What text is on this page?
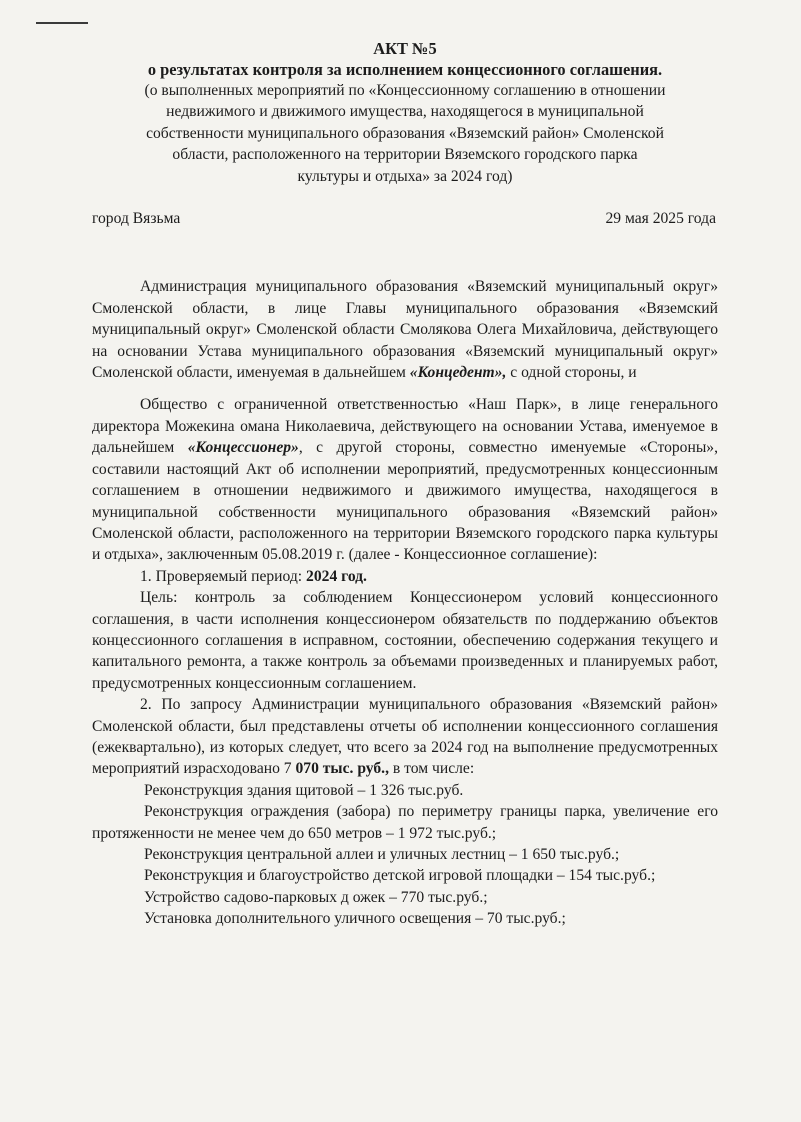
АКТ №5
о результатах контроля за исполнением концессионного соглашения.
(о выполненных мероприятий по «Концессионному соглашению в отношении
недвижимого и движимого имущества, находящегося в муниципальной
собственности муниципального образования «Вяземский район» Смоленской
области, расположенного на территории Вяземского городского парка
культуры и отдыха» за 2024 год)
город Вязьма	29 мая 2025 года
Администрация муниципального образования «Вяземский муниципальный округ» Смоленской области, в лице Главы муниципального образования «Вяземский муниципальный округ» Смоленской области Смолякова Олега Михайловича, действующего на основании Устава муниципального образования «Вяземский муниципальный округ» Смоленской области, именуемая в дальнейшем «Концедент», с одной стороны, и
Общество с ограниченной ответственностью «Наш Парк», в лице генерального директора Можекина омана Николаевича, действующего на основании Устава, именуемое в дальнейшем «Концессионер», с другой стороны, совместно именуемые «Стороны», составили настоящий Акт об исполнении мероприятий, предусмотренных концессионным соглашением в отношении недвижимого и движимого имущества, находящегося в муниципальной собственности муниципального образования «Вяземский район» Смоленской области, расположенного на территории Вяземского городского парка культуры и отдыха», заключенным 05.08.2019 г. (далее - Концессионное соглашение):
1. Проверяемый период: 2024 год.
Цель: контроль за соблюдением Концессионером условий концессионного соглашения, в части исполнения концессионером обязательств по поддержанию объектов концессионного соглашения в исправном, состоянии, обеспечению содержания текущего и капитального ремонта, а также контроль за объемами произведенных и планируемых работ, предусмотренных концессионным соглашением.
2. По запросу Администрации муниципального образования «Вяземский район» Смоленской области, был представлены отчеты об исполнении концессионного соглашения (ежеквартально), из которых следует, что всего за 2024 год на выполнение предусмотренных мероприятий израсходовано 7 070 тыс. руб., в том числе:
Реконструкция здания щитовой – 1 326 тыс.руб.
Реконструкция ограждения (забора) по периметру границы парка, увеличение его протяженности не менее чем до 650 метров – 1 972 тыс.руб.;
Реконструкция центральной аллеи и уличных лестниц – 1 650 тыс.руб.;
Реконструкция и благоустройство детской игровой площадки – 154 тыс.руб.;
Устройство садово-парковых д ожек – 770 тыс.руб.;
Установка дополнительного уличного освещения – 70 тыс.руб.;
